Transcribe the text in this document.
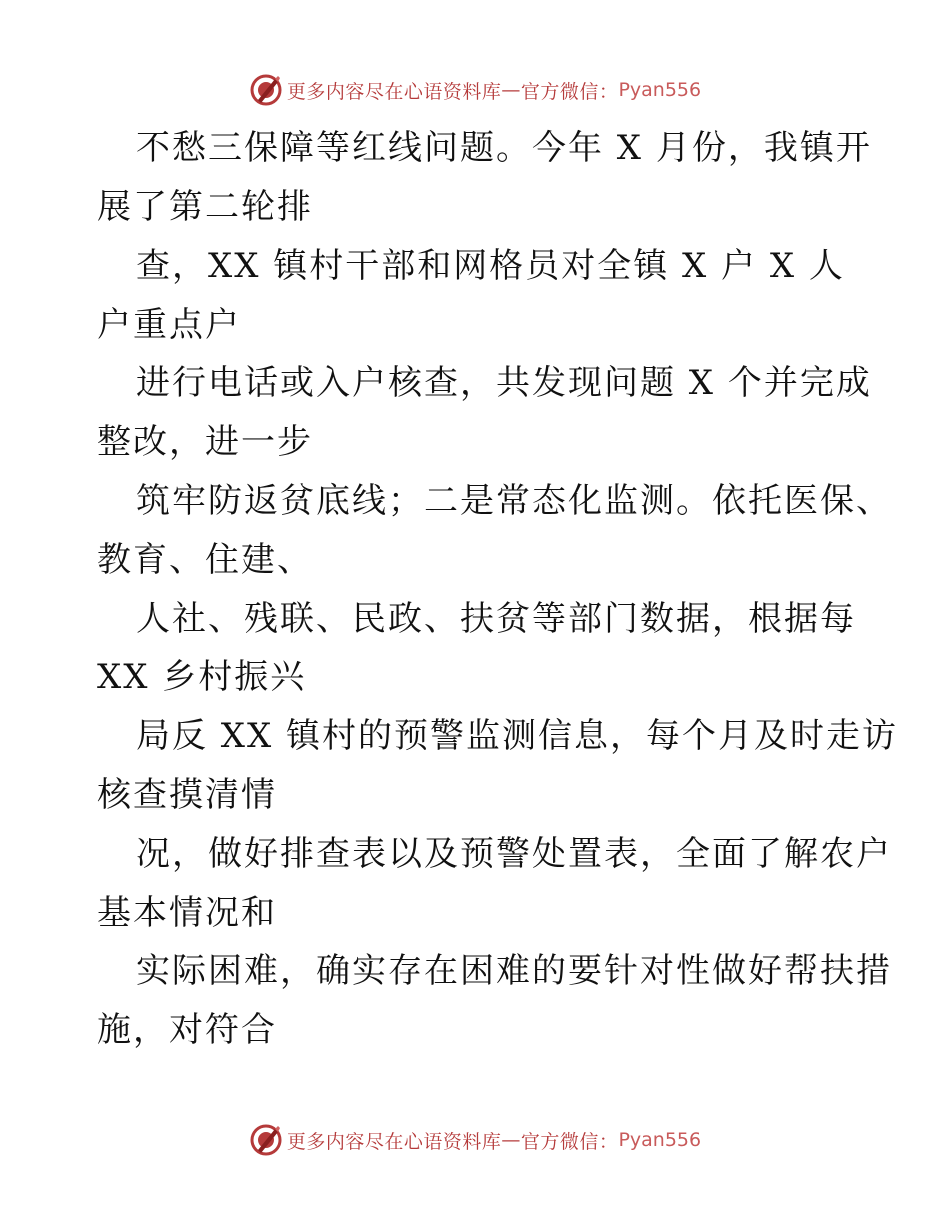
更多内容尽在心语资料库 — 官方微信： Pyan556
不愁三保障等红线问题。今年 X 月份，我镇开
展了第二轮排
查，XX 镇村干部和网格员对全镇 X 户 X 人
户重点户
进行电话或入户核查，共发现问题 X 个并完成
整改，进一步
筑牢防返贫底线；二是常态化监测。依托医保、
教育、住建、
人社、残联、民政、扶贫等部门数据，根据每
XX 乡村振兴
局反 XX 镇村的预警监测信息，每个月及时走访
核查摸清情
况，做好排查表以及预警处置表，全面了解农户
基本情况和
实际困难，确实存在困难的要针对性做好帮扶措
施，对符合
更多内容尽在心语资料库 — 官方微信： Pyan556
